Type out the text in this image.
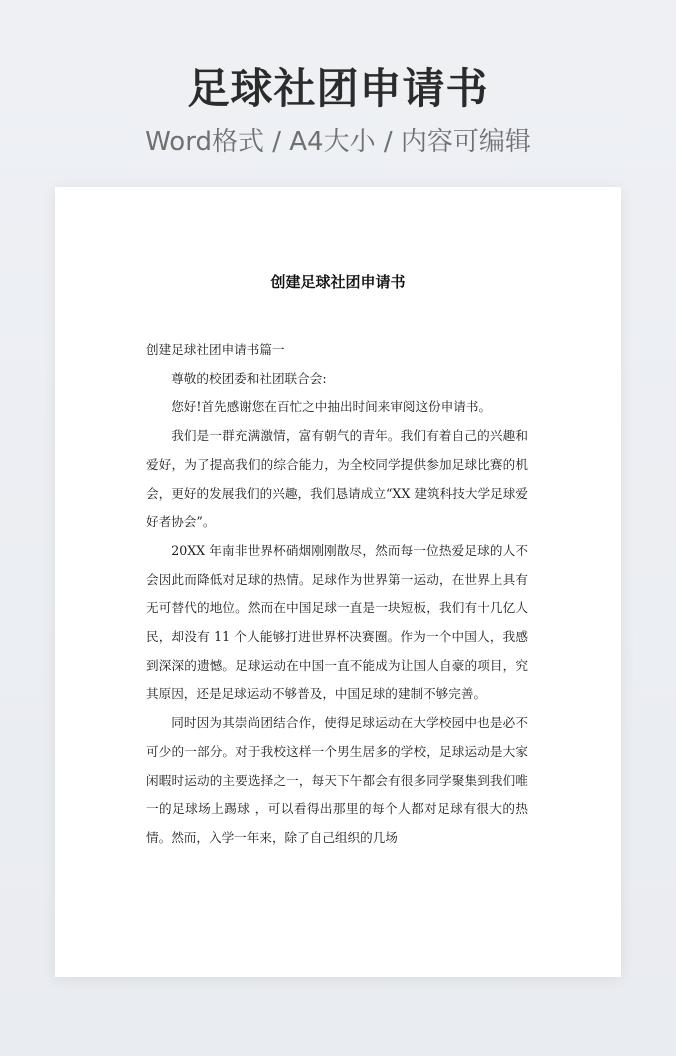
足球社团申请书
Word格式 / A4大小 / 内容可编辑
创建足球社团申请书

创建足球社团申请书篇一

尊敬的校团委和社团联合会:

您好!首先感谢您在百忙之中抽出时间来审阅这份申请书。

我们是一群充满激情，富有朝气的青年。我们有着自己的兴趣和爱好，为了提高我们的综合能力，为全校同学提供参加足球比赛的机会，更好的发展我们的兴趣，我们恳请成立“XX 建筑科技大学足球爱好者协会”。

20XX 年南非世界杯硝烟刚刚散尽，然而每一位热爱足球的人不会因此而降低对足球的热情。足球作为世界第一运动，在世界上具有无可替代的地位。然而在中国足球一直是一块短板，我们有十几亿人民，却没有 11 个人能够打进世界杯决赛圈。作为一个中国人，我感到深深的遗憾。足球运动在中国一直不能成为让国人自豪的项目，究其原因，还是足球运动不够普及，中国足球的建制不够完善。

同时因为其崇尚团结合作，使得足球运动在大学校园中也是必不可少的一部分。对于我校这样一个男生居多的学校，足球运动是大家闲暇时运动的主要选择之一，每天下午都会有很多同学聚集到我们唯一的足球场上踢球 ，可以看得出那里的每个人都对足球有很大的热情。然而，入学一年来，除了自己组织的几场
